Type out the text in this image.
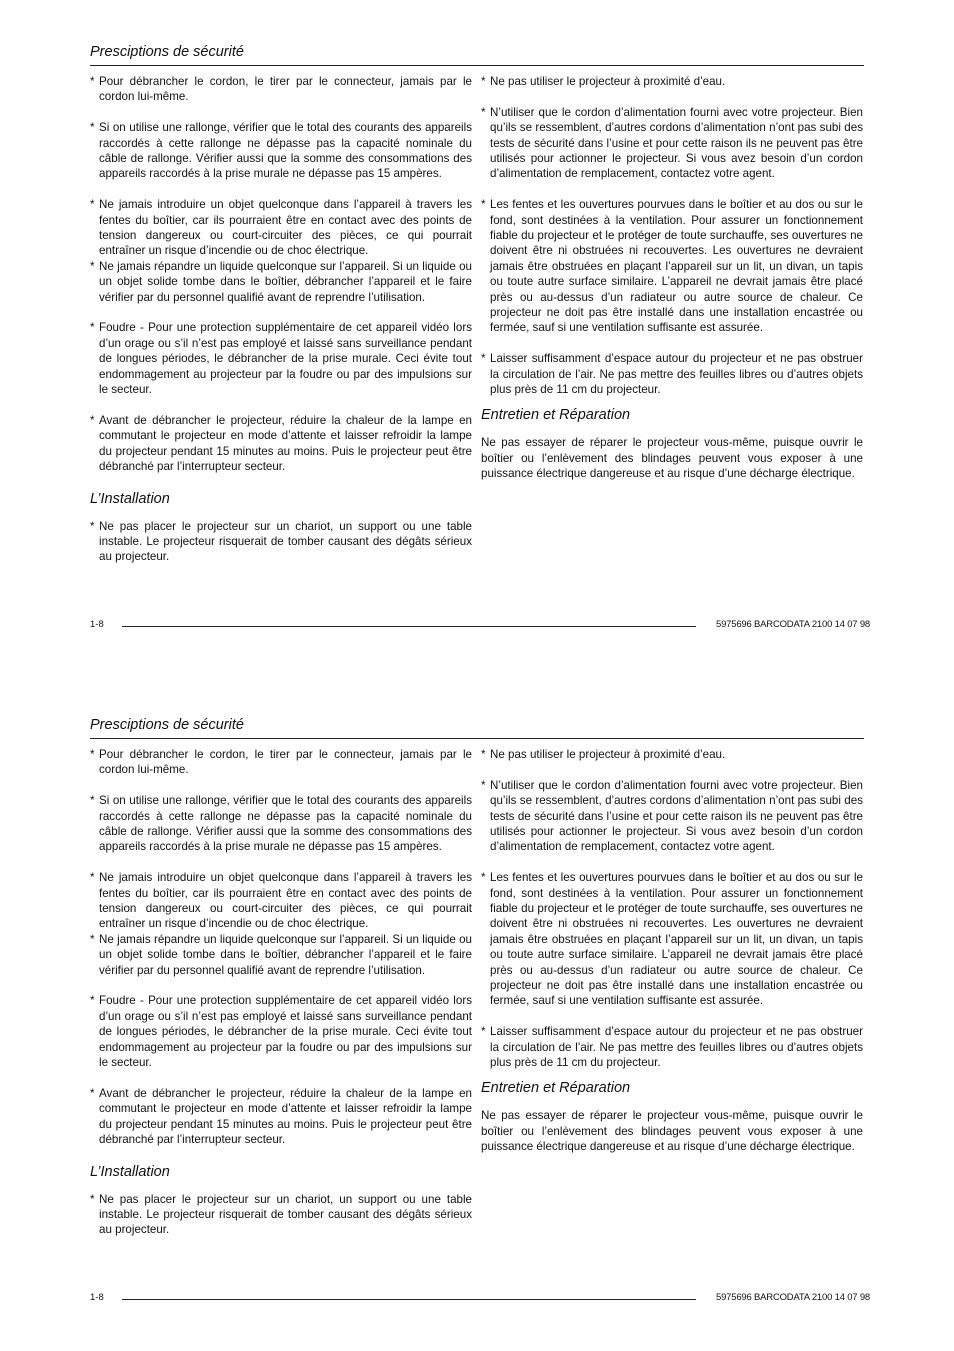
Presciptions de sécurité
* Pour débrancher le cordon, le tirer par le connecteur, jamais par le cordon lui-même.
* Si on utilise une rallonge, vérifier que le total des courants des appareils raccordés à cette rallonge ne dépasse pas la capacité nominale du câble de rallonge. Vérifier aussi que la somme des consommations des appareils raccordés à la prise murale ne dépasse pas 15 ampères.
* Ne jamais introduire un objet quelconque dans l’appareil à travers les fentes du boîtier, car ils pourraient être en contact avec des points de tension dangereux ou court-circuiter des pièces, ce qui pourrait entraîner un risque d’incendie ou de choc électrique.
* Ne jamais répandre un liquide quelconque sur l’appareil. Si un liquide ou un objet solide tombe dans le boîtier, débrancher l’appareil et le faire vérifier par du personnel qualifié avant de reprendre l’utilisation.
* Foudre - Pour une protection supplémentaire de cet appareil vidéo lors d’un orage ou s’il n’est pas employé et laissé sans surveillance pendant de longues périodes, le débrancher de la prise murale. Ceci évite tout endommagement au projecteur par la foudre ou par des impulsions sur le secteur.
* Avant de débrancher le projecteur, réduire la chaleur de la lampe en commutant le projecteur en mode d’attente et laisser refroidir la lampe du projecteur pendant 15 minutes au moins. Puis le projecteur peut être débranché par l’interrupteur secteur.
L’Installation
* Ne pas placer le projecteur sur un chariot, un support ou une table instable. Le projecteur risquerait de tomber causant des dégâts sérieux au projecteur.
* Ne pas utiliser le projecteur à proximité d’eau.
* N’utiliser que le cordon d’alimentation fourni avec votre projecteur. Bien qu’ils se ressemblent, d’autres cordons d’alimentation n’ont pas subi des tests de sécurité dans l’usine et pour cette raison ils ne peuvent pas être utilisés pour actionner le projecteur. Si vous avez besoin d’un cordon d’alimentation de remplacement, contactez votre agent.
* Les fentes et les ouvertures pourvues dans le boîtier et au dos ou sur le fond, sont destinées à la ventilation. Pour assurer un fonctionnement fiable du projecteur et le protéger de toute surchauffe, ses ouvertures ne doivent être ni obstruées ni recouvertes. Les ouvertures ne devraient jamais être obstruées en plaçant l’appareil sur un lit, un divan, un tapis ou toute autre surface similaire. L’appareil ne devrait jamais être placé près ou au-dessus d’un radiateur ou autre source de chaleur. Ce projecteur ne doit pas être installé dans une installation encastrée ou fermée, sauf si une ventilation suffisante est assurée.
* Laisser suffisamment d’espace autour du projecteur et ne pas obstruer la circulation de l’air. Ne pas mettre des feuilles libres ou d’autres objets plus près de 11 cm du projecteur.
Entretien et Réparation
Ne pas essayer de réparer le projecteur vous-même, puisque ouvrir le boîtier ou l’enlèvement des blindages peuvent vous exposer à une puissance électrique dangereuse et au risque d’une décharge électrique.
1-8	5975696 BARCODATA 2100 14 07 98
Presciptions de sécurité
* Pour débrancher le cordon, le tirer par le connecteur, jamais par le cordon lui-même.
* Si on utilise une rallonge, vérifier que le total des courants des appareils raccordés à cette rallonge ne dépasse pas la capacité nominale du câble de rallonge. Vérifier aussi que la somme des consommations des appareils raccordés à la prise murale ne dépasse pas 15 ampères.
* Ne jamais introduire un objet quelconque dans l’appareil à travers les fentes du boîtier, car ils pourraient être en contact avec des points de tension dangereux ou court-circuiter des pièces, ce qui pourrait entraîner un risque d’incendie ou de choc électrique.
* Ne jamais répandre un liquide quelconque sur l’appareil. Si un liquide ou un objet solide tombe dans le boîtier, débrancher l’appareil et le faire vérifier par du personnel qualifié avant de reprendre l’utilisation.
* Foudre - Pour une protection supplémentaire de cet appareil vidéo lors d’un orage ou s’il n’est pas employé et laissé sans surveillance pendant de longues périodes, le débrancher de la prise murale. Ceci évite tout endommagement au projecteur par la foudre ou par des impulsions sur le secteur.
* Avant de débrancher le projecteur, réduire la chaleur de la lampe en commutant le projecteur en mode d’attente et laisser refroidir la lampe du projecteur pendant 15 minutes au moins. Puis le projecteur peut être débranché par l’interrupteur secteur.
L’Installation
* Ne pas placer le projecteur sur un chariot, un support ou une table instable. Le projecteur risquerait de tomber causant des dégâts sérieux au projecteur.
* Ne pas utiliser le projecteur à proximité d’eau.
* N’utiliser que le cordon d’alimentation fourni avec votre projecteur. Bien qu’ils se ressemblent, d’autres cordons d’alimentation n’ont pas subi des tests de sécurité dans l’usine et pour cette raison ils ne peuvent pas être utilisés pour actionner le projecteur. Si vous avez besoin d’un cordon d’alimentation de remplacement, contactez votre agent.
* Les fentes et les ouvertures pourvues dans le boîtier et au dos ou sur le fond, sont destinées à la ventilation. Pour assurer un fonctionnement fiable du projecteur et le protéger de toute surchauffe, ses ouvertures ne doivent être ni obstruées ni recouvertes. Les ouvertures ne devraient jamais être obstruées en plaçant l’appareil sur un lit, un divan, un tapis ou toute autre surface similaire. L’appareil ne devrait jamais être placé près ou au-dessus d’un radiateur ou autre source de chaleur. Ce projecteur ne doit pas être installé dans une installation encastrée ou fermée, sauf si une ventilation suffisante est assurée.
* Laisser suffisamment d’espace autour du projecteur et ne pas obstruer la circulation de l’air. Ne pas mettre des feuilles libres ou d’autres objets plus près de 11 cm du projecteur.
Entretien et Réparation
Ne pas essayer de réparer le projecteur vous-même, puisque ouvrir le boîtier ou l’enlèvement des blindages peuvent vous exposer à une puissance électrique dangereuse et au risque d’une décharge électrique.
1-8	5975696 BARCODATA 2100 14 07 98
